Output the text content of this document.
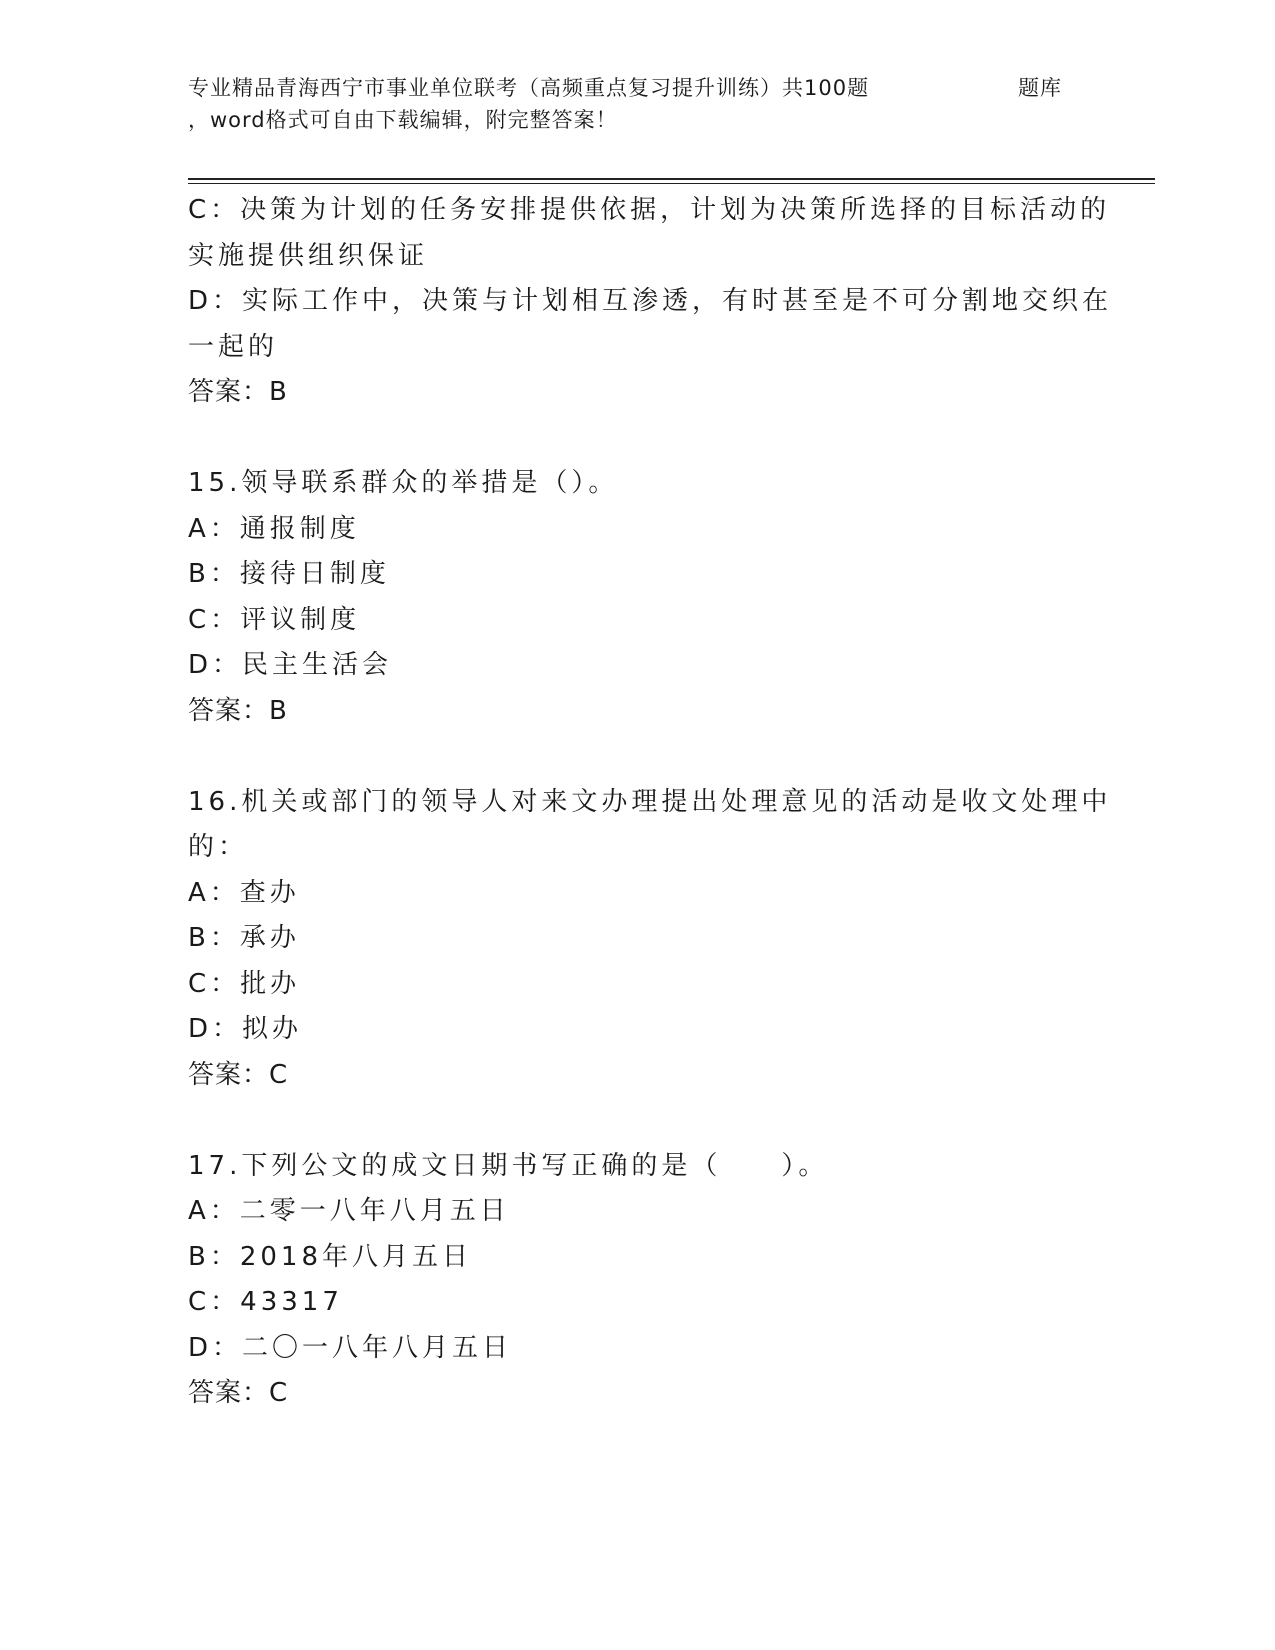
专业精品青海西宁市事业单位联考（高频重点复习提升训练）共100题	题库
，word格式可自由下载编辑，附完整答案！
C：决策为计划的任务安排提供依据，计划为决策所选择的目标活动的
实施提供组织保证
D：实际工作中，决策与计划相互渗透，有时甚至是不可分割地交织在
一起的
答案：B
15.领导联系群众的举措是（）。
A：通报制度
B：接待日制度
C：评议制度
D：民主生活会
答案：B
16.机关或部门的领导人对来文办理提出处理意见的活动是收文处理中
的：
A：查办
B：承办
C：批办
D：拟办
答案：C
17.下列公文的成文日期书写正确的是（　　）。
A：二零一八年八月五日
B：2018年八月五日
C：43317
D：二〇一八年八月五日
答案：C
